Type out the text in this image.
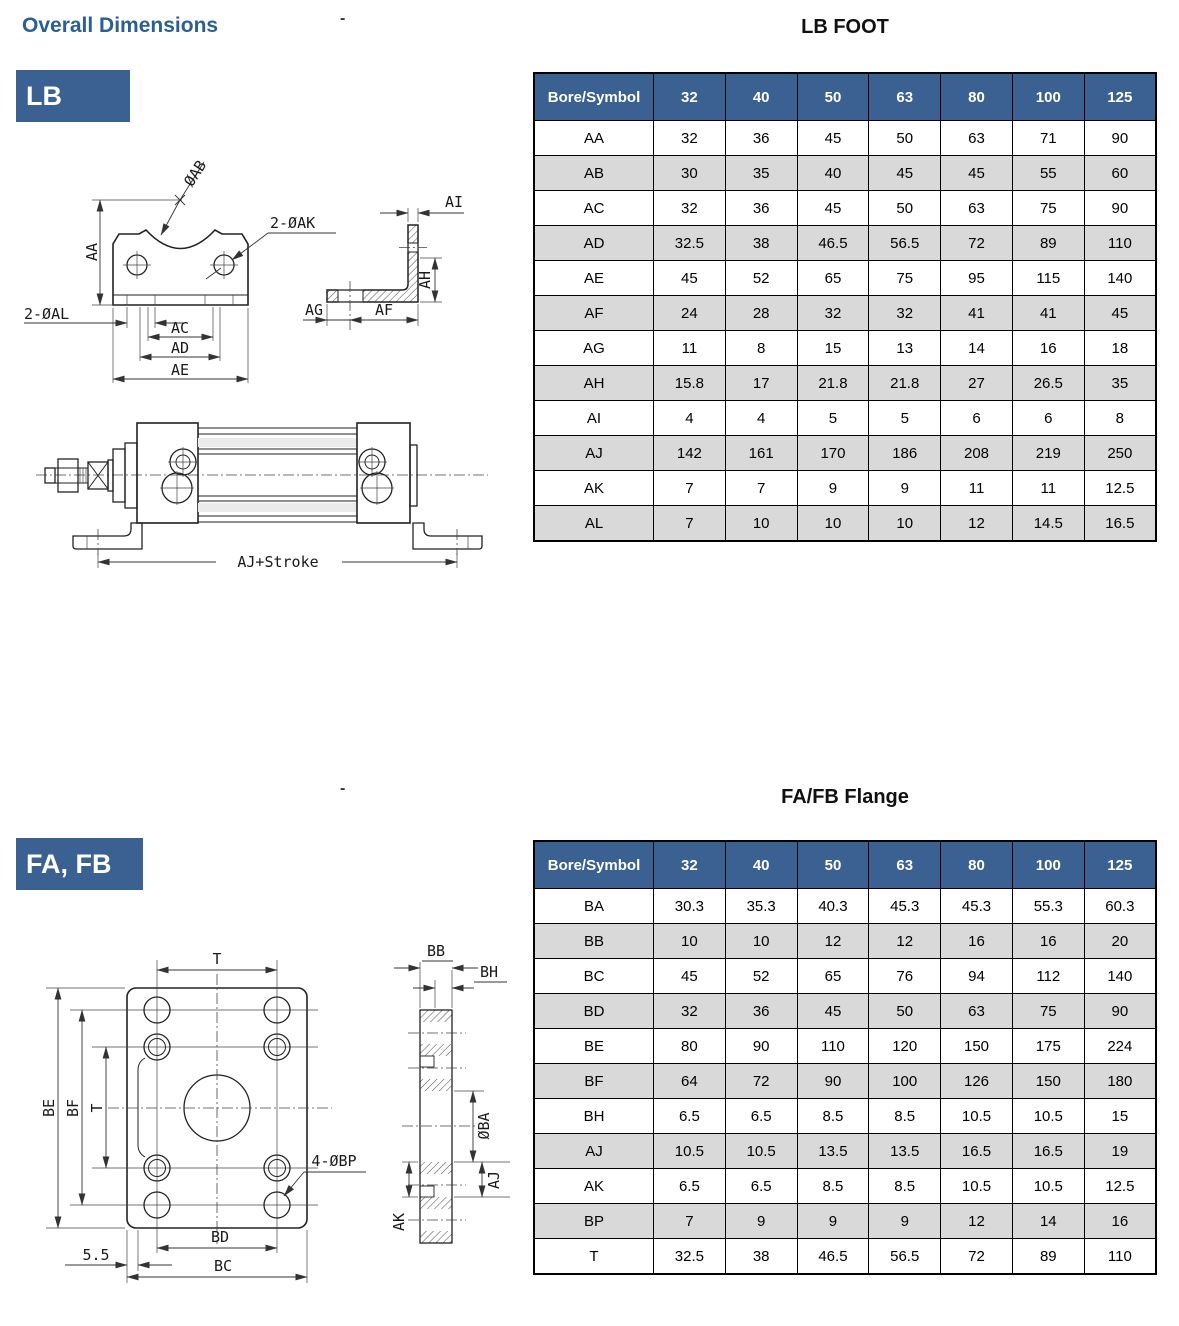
Overall Dimensions	-
LB
LB FOOT
Bore/Symbol	32	40	50	63	80	100	125
AA	32	36	45	50	63	71	90
AB	30	35	40	45	45	55	60
AC	32	36	45	50	63	75	90
AD	32.5	38	46.5	56.5	72	89	110
AE	45	52	65	75	95	115	140
AF	24	28	32	32	41	41	45
AG	11	8	15	13	14	16	18
AH	15.8	17	21.8	21.8	27	26.5	35
AI	4	4	5	5	6	6	8
AJ	142	161	170	186	208	219	250
AK	7	7	9	9	11	11	12.5
AL	7	10	10	10	12	14.5	16.5
ØAB
2-ØAK
AA
2-ØAL
AC
AD
AE
AI
AH
AG	AF
AJ+Stroke
-
FA, FB
FA/FB Flange
Bore/Symbol	32	40	50	63	80	100	125
BA	30.3	35.3	40.3	45.3	45.3	55.3	60.3
BB	10	10	12	12	16	16	20
BC	45	52	65	76	94	112	140
BD	32	36	45	50	63	75	90
BE	80	90	110	120	150	175	224
BF	64	72	90	100	126	150	180
BH	6.5	6.5	8.5	8.5	10.5	10.5	15
AJ	10.5	10.5	13.5	13.5	16.5	16.5	19
AK	6.5	6.5	8.5	8.5	10.5	10.5	12.5
BP	7	9	9	9	12	14	16
T	32.5	38	46.5	56.5	72	89	110
T
BE BF T
4-ØBP
BD
BC
5.5
BB
BH
ØBA
AJ
AK
